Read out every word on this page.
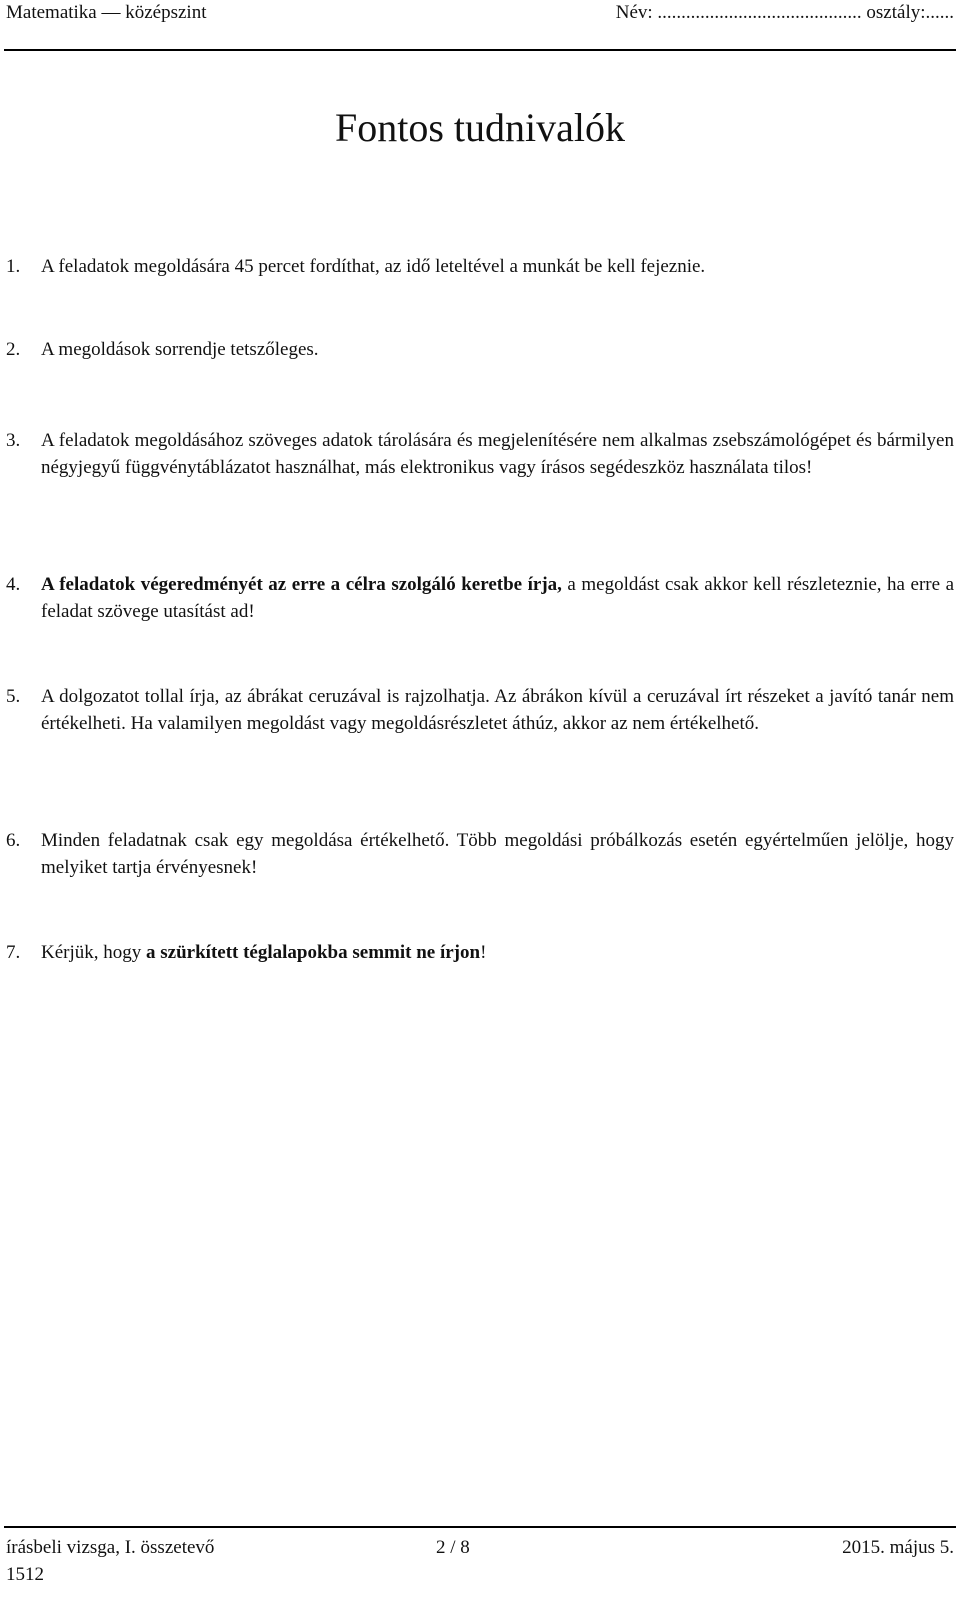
Matematika — középszint	Név: ........................................... osztály:......
Fontos tudnivalók
1.	A feladatok megoldására 45 percet fordíthat, az idő leteltével a munkát be kell fejeznie.
2.	A megoldások sorrendje tetszőleges.
3.	A feladatok megoldásához szöveges adatok tárolására és megjelenítésére nem alkalmas zsebszámológépet és bármilyen négyjegyű függvénytáblázatot használhat, más elektronikus vagy írásos segédeszköz használata tilos!
4.	A feladatok végeredményét az erre a célra szolgáló keretbe írja, a megoldást csak akkor kell részleteznie, ha erre a feladat szövege utasítást ad!
5.	A dolgozatot tollal írja, az ábrákat ceruzával is rajzolhatja. Az ábrákon kívül a ceruzával írt részeket a javító tanár nem értékelheti. Ha valamilyen megoldást vagy megoldásrészletet áthúz, akkor az nem értékelhető.
6.	Minden feladatnak csak egy megoldása értékelhető. Több megoldási próbálkozás esetén egyértelműen jelölje, hogy melyiket tartja érvényesnek!
7.	Kérjük, hogy a szürkített téglalapokba semmit ne írjon!
írásbeli vizsga, I. összetevő	2 / 8	2015. május 5.
1512
